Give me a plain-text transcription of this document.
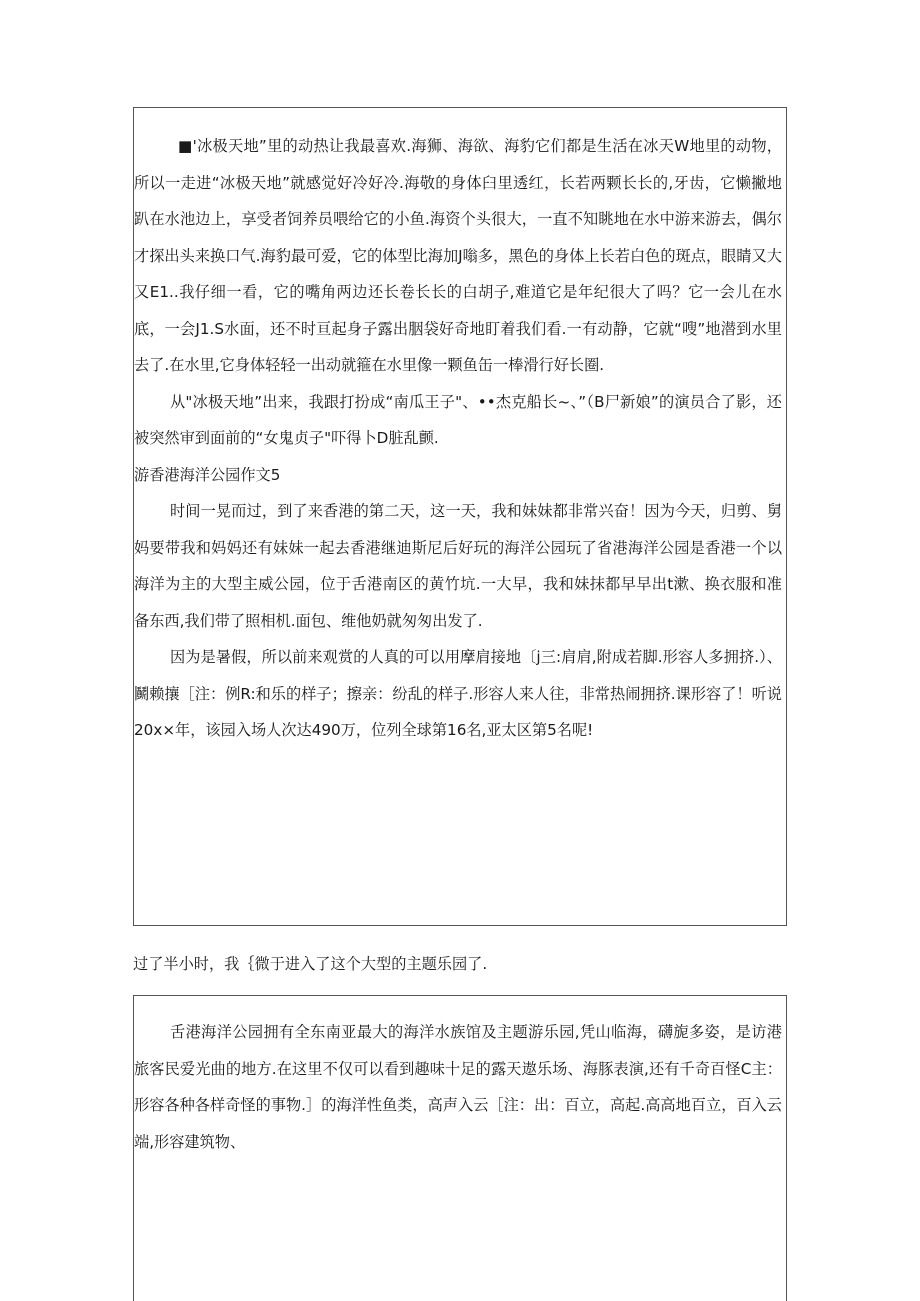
■'冰极天地”里的动热让我最喜欢.海狮、海欲、海豹它们都是生活在冰天W地里的动物，所以一走进“冰极天地”就感觉好冷好冷.海敬的身体臼里透红，长若两颗长长的,牙齿，它懒撇地趴在水池边上，享受者饲养员喂给它的小鱼.海资个头很大，一直不知眺地在水中游来游去，偶尔才探出头来换口气.海豹最可爱，它的体型比海加J嗡多，黑色的身体上长若白色的斑点，眼睛又大又E1..我仔细一看，它的嘴角两边还长卷长长的白胡子,难道它是年纪很大了吗？它一会儿在水底，一会J1.S水面，还不时亘起身子露出胭袋好奇地盯着我们看.一有动静，它就“嗖”地潜到水里去了.在水里,它身体轻轻一出动就箍在水里像一颗鱼缶一棒滑行好长圈.

从"冰极天地”出来，我跟打扮成“南瓜王子"、••杰克船长~、”（B尸新娘”的演员合了影，还被突然审到面前的“女鬼贞子"吓得卜D脏乱颤.

游香港海洋公园作文5

时间一晃而过，到了来香港的第二天，这一天，我和妹妹都非常兴奋！因为今天，归剪、舅妈要带我和妈妈还有妹妹一起去香港继迪斯尼后好玩的海洋公园玩了省港海洋公园是香港一个以海洋为主的大型主威公园，位于舌港南区的黄竹坑.一大早，我和妹抹都早早出t漱、换衣服和准备东西,我们带了照相机.面包、维他奶就匆匆出发了.

因为是暑假，所以前来观赏的人真的可以用摩肩接地〔j三:肩肩,附成若脚.形容人多拥挤.）、鬭赖攘［注：例R:和乐的样子；擦亲：纷乱的样子.形容人来人往，非常热闹拥挤.课形容了！听说20x×年，该园入场人次达490万，位列全球第16名,亚太区第5名呢!

过了半小时，我｛微于进入了这个大型的主题乐园了.

舌港海洋公园拥有全东南亚最大的海洋水族馆及主题游乐园,凭山临海，礴旎多姿，是访港旅客民爱光曲的地方.在这里不仅可以看到趣味十足的露天遨乐场、海豚表演,还有千奇百怪C主：形容各种各样奇怪的事物.］的海洋性鱼类，高声入云［注：出：百立，高起.高高地百立，百入云端,形容建筑物、
